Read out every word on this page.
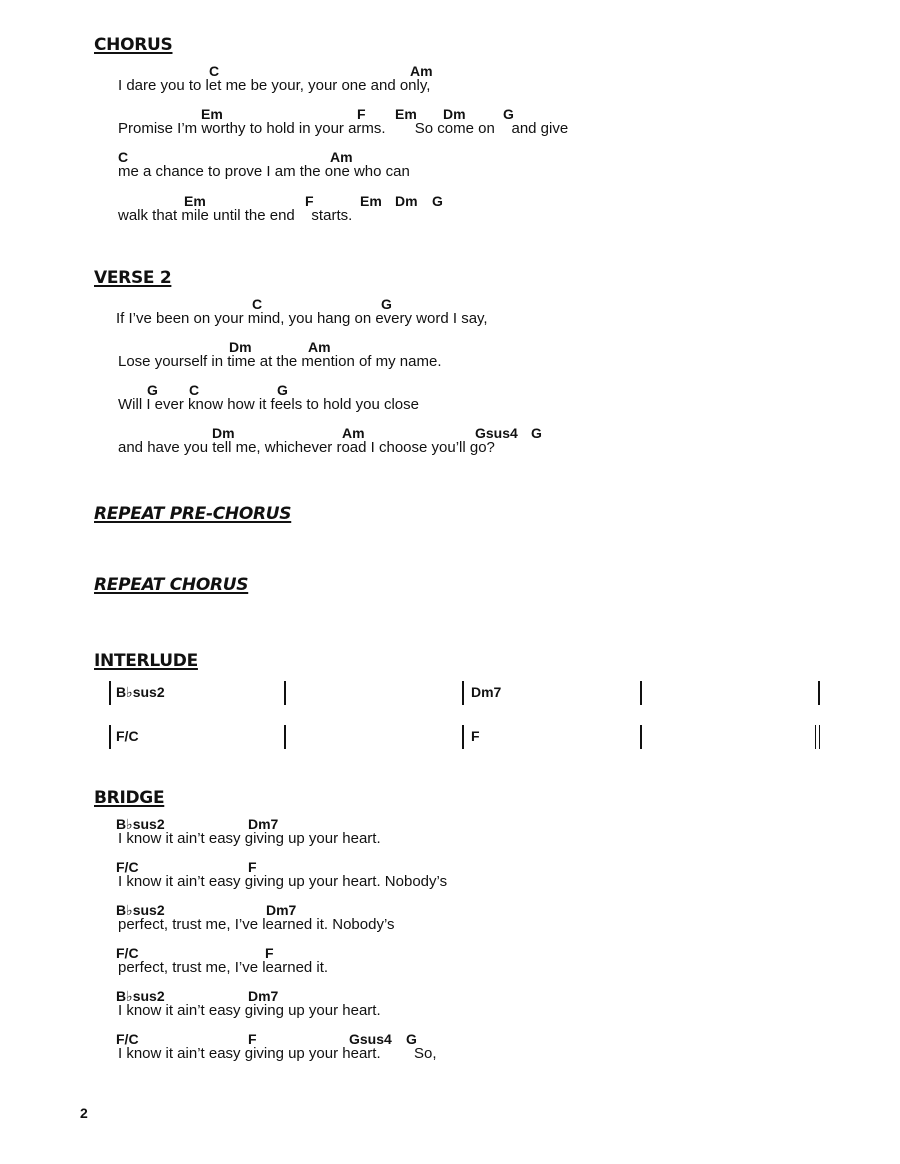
CHORUS
C	Am
I dare you to let me be your, your one and only,
Em	F Em Dm	G
Promise I’m worthy to hold in your arms.       So come on    and give
C	Am
me a chance to prove I am the one who can
Em	F	Em Dm G
walk that mile until the end    starts.
VERSE 2
C	G
If I’ve been on your mind, you hang on every word I say,
Dm	Am
Lose yourself in time at the mention of my name.
G C	G
Will I ever know how it feels to hold you close
Dm	Am	Gsus4 G
and have you tell me, whichever road I choose you’ll go?
REPEAT PRE-CHORUS
REPEAT CHORUS
INTERLUDE
B♭sus2	Dm7
F/C	F
BRIDGE
B♭sus2	Dm7
I know it ain’t easy giving up your heart.
F/C	F
I know it ain’t easy giving up your heart. Nobody’s
B♭sus2	Dm7
perfect, trust me, I’ve learned it. Nobody’s
F/C	F
perfect, trust me, I’ve learned it.
B♭sus2	Dm7
I know it ain’t easy giving up your heart.
F/C	F	Gsus4 G
I know it ain’t easy giving up your heart.        So,
2
